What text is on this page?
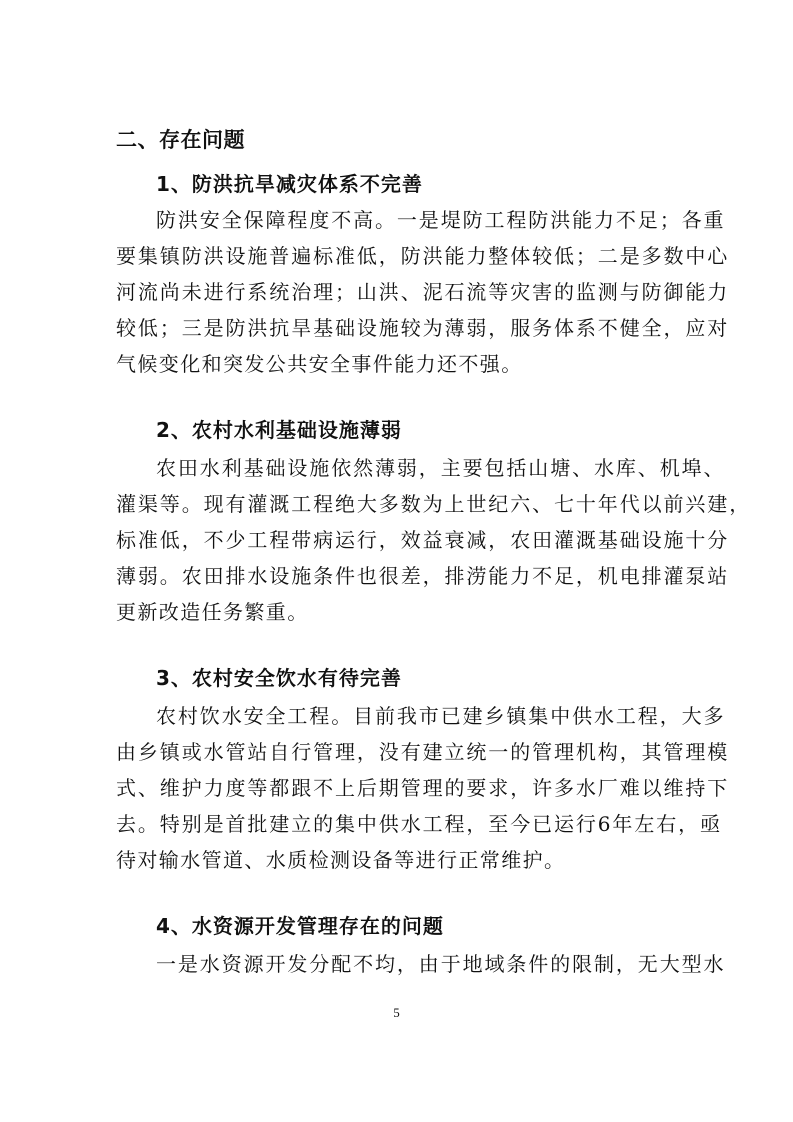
二、存在问题
1、防洪抗旱减灾体系不完善

防洪安全保障程度不高。一是堤防工程防洪能力不足；各重
要集镇防洪设施普遍标准低，防洪能力整体较低；二是多数中心
河流尚未进行系统治理；山洪、泥石流等灾害的监测与防御能力
较低；三是防洪抗旱基础设施较为薄弱，服务体系不健全，应对
气候变化和突发公共安全事件能力还不强。

2、农村水利基础设施薄弱

农田水利基础设施依然薄弱，主要包括山塘、水库、机埠、
灌渠等。现有灌溉工程绝大多数为上世纪六、七十年代以前兴建，
标准低，不少工程带病运行，效益衰减，农田灌溉基础设施十分
薄弱。农田排水设施条件也很差，排涝能力不足，机电排灌泵站
更新改造任务繁重。

3、农村安全饮水有待完善

农村饮水安全工程。目前我市已建乡镇集中供水工程，大多
由乡镇或水管站自行管理，没有建立统一的管理机构，其管理模
式、维护力度等都跟不上后期管理的要求，许多水厂难以维持下
去。特别是首批建立的集中供水工程，至今已运行6年左右，亟
待对输水管道、水质检测设备等进行正常维护。

4、水资源开发管理存在的问题

一是水资源开发分配不均，由于地域条件的限制，无大型水

5
